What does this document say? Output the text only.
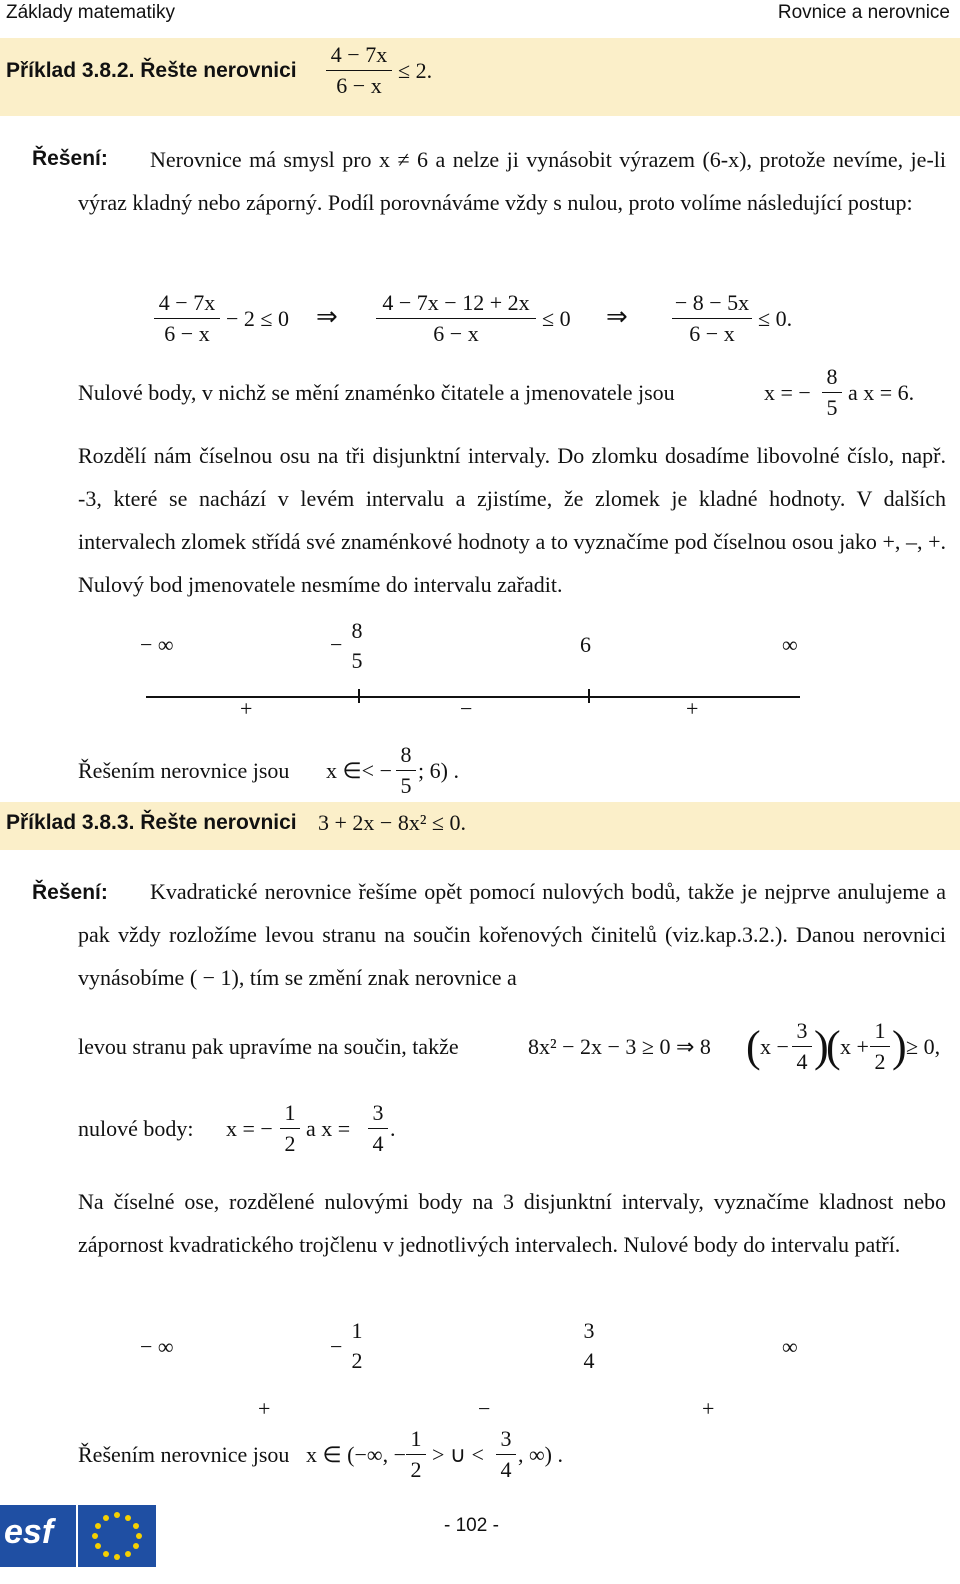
Základy matematiky	Rovnice a nerovnice
Příklad 3.8.2. Řešte nerovnici $\frac{4 - 7x}{6 - x} \le 2$.
Řešení:	Nerovnice má smysl pro x ≠ 6 a nelze ji vynásobit výrazem (6-x), protože nevíme, je-li výraz kladný nebo záporný. Podíl porovnáváme vždy s nulou, proto volíme následující postup:
$\frac{4 - 7x}{6 - x} - 2 \le 0$ ⇒ $\frac{4 - 7x - 12 + 2x}{6 - x} \le 0$ ⇒ $\frac{- 8 - 5x}{6 - x} \le 0$.
Nulové body, v nichž se mění znaménko čitatele a jmenovatele jsou	x = − $\frac{8}{5}$ a x = 6.
Rozdělí nám číselnou osu na tři disjunktní intervaly. Do zlomku dosadíme libovolné číslo, např. -3, které se nachází v levém intervalu a zjistíme, že zlomek je kladné hodnoty. V dalších intervalech zlomek střídá své znaménkové hodnoty a to vyznačíme pod číselnou osou jako +, –, +. Nulový bod jmenovatele nesmíme do intervalu zařadit.
− ∞	−
8
5
6	∞
+	−	+
Řešením nerovnice jsou x ∈< − $\frac{8}{5}$ ; 6) .
Příklad 3.8.3. Řešte nerovnici 3 + 2x − 8x² ≤ 0.
Řešení:	Kvadratické nerovnice řešíme opět pomocí nulových bodů, takže je nejprve anulujeme a pak vždy rozložíme levou stranu na součin kořenových činitelů (viz.kap.3.2.). Danou nerovnici vynásobíme ( − 1), tím se změní znak nerovnice a
levou stranu pak upravíme na součin, takže	8x² − 2x − 3 ≥ 0 ⇒ 8 ( $x - \frac{3}{4}$ )
( $x + \frac{1}{2}$ ) ≥ 0,
nulové body: x = − $\frac{1}{2}$ a $x = \frac{3}{4}$ .
Na číselné ose, rozdělené nulovými body na 3 disjunktní intervaly, vyznačíme kladnost nebo zápornost kvadratického trojčlenu v jednotlivých intervalech. Nulové body do intervalu patří.
− ∞	−
1
2
3
4
∞
+	−	+
Řešením nerovnice jsou x ∈ (−∞, − $\frac{1}{2}$ > ∪ < $\frac{3}{4}$ , ∞) .
esf	- 102 -
